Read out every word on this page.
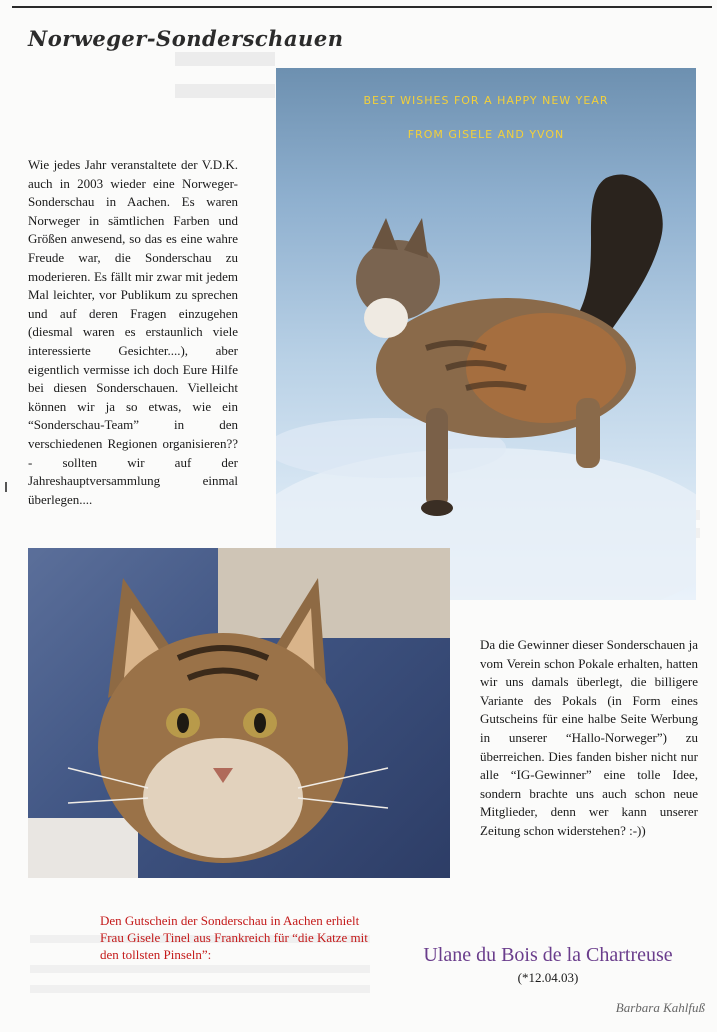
Norweger-Sonderschauen
Wie jedes Jahr veranstaltete der V.D.K. auch in 2003 wieder eine Norweger-Sonderschau in Aachen. Es waren Norweger in sämtlichen Farben und Größen anwesend, so das es eine wahre Freude war, die Sonderschau zu moderieren. Es fällt mir zwar mit jedem Mal leichter, vor Publikum zu sprechen und auf deren Fragen einzugehen (diesmal waren es erstaunlich viele interessierte Gesichter....), aber eigentlich vermisse ich doch Eure Hilfe bei diesen Sonderschauen. Vielleicht können wir ja so etwas, wie ein “Sonderschau-Team” in den verschiedenen Regionen organisieren?? - sollten wir auf der Jahreshauptversammlung einmal überlegen....
BEST WISHES FOR A HAPPY NEW YEAR
FROM GISELE AND YVON
Da die Gewinner dieser Sonderschauen ja vom Verein schon Pokale erhalten, hatten wir uns damals überlegt, die billigere Variante des Pokals (in Form eines Gutscheins für eine halbe Seite Werbung in unserer “Hallo-Norweger”) zu überreichen. Dies fanden bisher nicht nur alle “IG-Gewinner” eine tolle Idee, sondern brachte uns auch schon neue Mitglieder, denn wer kann unserer Zeitung schon widerstehen? :-))
Den Gutschein der Sonderschau in Aachen erhielt Frau Gisele Tinel aus Frankreich für “die Katze mit den tollsten Pinseln”:	Ulane du Bois de la Chartreuse
(*12.04.03)
Barbara Kahlfuß
